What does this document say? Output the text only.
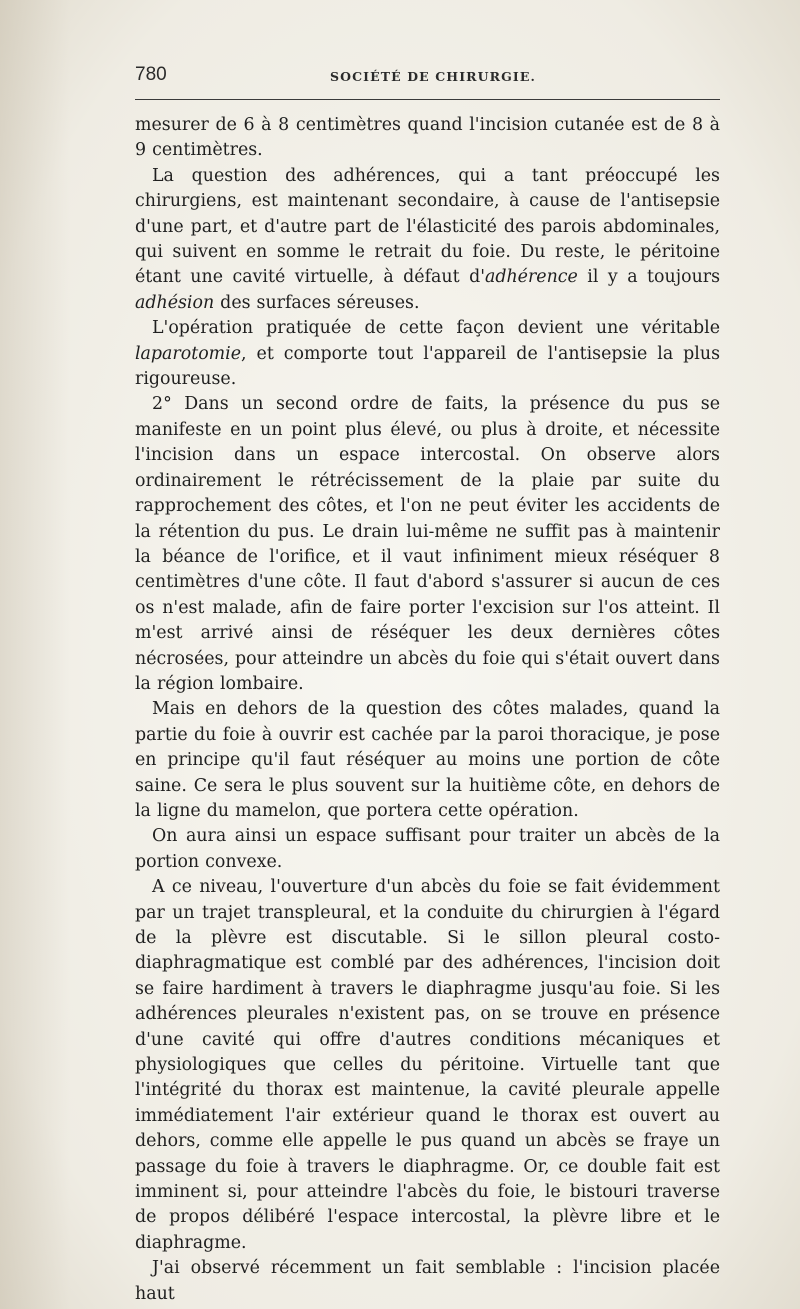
780	SOCIÉTÉ DE CHIRURGIE.

mesurer de 6 à 8 centimètres quand l'incision cutanée est de 8 à 9 centimètres.

La question des adhérences, qui a tant préoccupé les chirurgiens, est maintenant secondaire, à cause de l'antisepsie d'une part, et d'autre part de l'élasticité des parois abdominales, qui suivent en somme le retrait du foie. Du reste, le péritoine étant une cavité virtuelle, à défaut d'adhérence il y a toujours adhésion des surfaces séreuses.

L'opération pratiquée de cette façon devient une véritable laparotomie, et comporte tout l'appareil de l'antisepsie la plus rigoureuse.

2° Dans un second ordre de faits, la présence du pus se manifeste en un point plus élevé, ou plus à droite, et nécessite l'incision dans un espace intercostal. On observe alors ordinairement le rétrécissement de la plaie par suite du rapprochement des côtes, et l'on ne peut éviter les accidents de la rétention du pus. Le drain lui-même ne suffit pas à maintenir la béance de l'orifice, et il vaut infiniment mieux réséquer 8 centimètres d'une côte. Il faut d'abord s'assurer si aucun de ces os n'est malade, afin de faire porter l'excision sur l'os atteint. Il m'est arrivé ainsi de réséquer les deux dernières côtes nécrosées, pour atteindre un abcès du foie qui s'était ouvert dans la région lombaire.

Mais en dehors de la question des côtes malades, quand la partie du foie à ouvrir est cachée par la paroi thoracique, je pose en principe qu'il faut réséquer au moins une portion de côte saine. Ce sera le plus souvent sur la huitième côte, en dehors de la ligne du mamelon, que portera cette opération.

On aura ainsi un espace suffisant pour traiter un abcès de la portion convexe.

A ce niveau, l'ouverture d'un abcès du foie se fait évidemment par un trajet transpleural, et la conduite du chirurgien à l'égard de la plèvre est discutable. Si le sillon pleural costo-diaphragmatique est comblé par des adhérences, l'incision doit se faire hardiment à travers le diaphragme jusqu'au foie. Si les adhérences pleurales n'existent pas, on se trouve en présence d'une cavité qui offre d'autres conditions mécaniques et physiologiques que celles du péritoine. Virtuelle tant que l'intégrité du thorax est maintenue, la cavité pleurale appelle immédiatement l'air extérieur quand le thorax est ouvert au dehors, comme elle appelle le pus quand un abcès se fraye un passage du foie à travers le diaphragme. Or, ce double fait est imminent si, pour atteindre l'abcès du foie, le bistouri traverse de propos délibéré l'espace intercostal, la plèvre libre et le diaphragme.

J'ai observé récemment un fait semblable : l'incision placée haut
